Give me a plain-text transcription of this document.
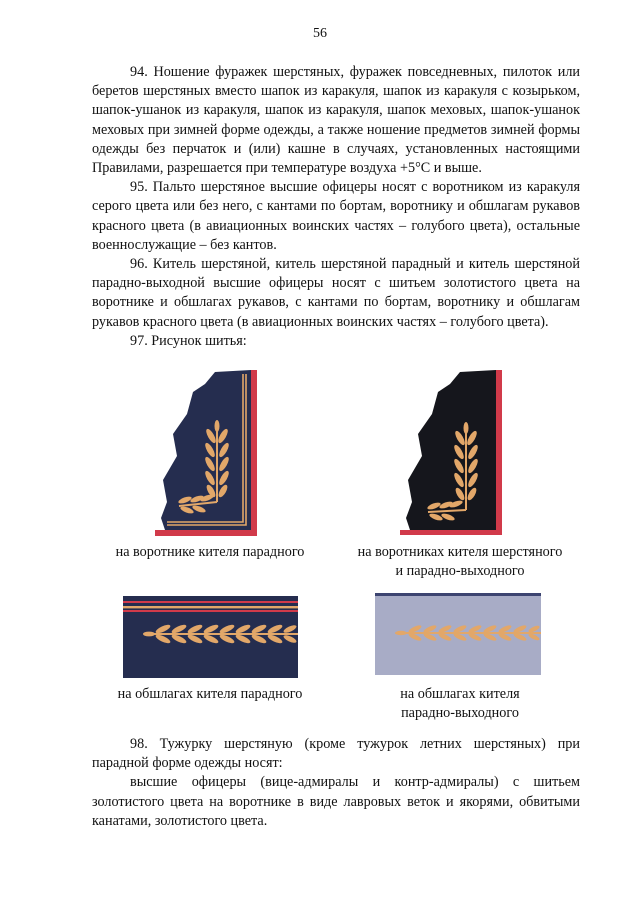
56

94. Ношение фуражек шерстяных, фуражек повседневных, пилоток или беретов шерстяных вместо шапок из каракуля, шапок из каракуля с козырьком, шапок-ушанок из каракуля, шапок из каракуля, шапок меховых, шапок-ушанок меховых при зимней форме одежды, а также ношение предметов зимней формы одежды без перчаток и (или) кашне в случаях, установленных настоящими Правилами, разрешается при температуре воздуха +5°C и выше.

95. Пальто шерстяное высшие офицеры носят с воротником из каракуля серого цвета или без него, с кантами по бортам, воротнику и обшлагам рукавов красного цвета (в авиационных воинских частях – голубого цвета), остальные военнослужащие – без кантов.

96. Китель шерстяной, китель шерстяной парадный и китель шерстяной парадно-выходной высшие офицеры носят с шитьем золотистого цвета на воротнике и обшлагах рукавов, с кантами по бортам, воротнику и обшлагам рукавов красного цвета (в авиационных воинских частях – голубого цвета).

97. Рисунок шитья:

на воротнике кителя парадного	на воротниках кителя шерстяного
и парадно-выходного
на обшлагах кителя парадного	на обшлагах кителя
парадно-выходного

98. Тужурку шерстяную (кроме тужурок летних шерстяных) при парадной форме одежды носят:

высшие офицеры (вице-адмиралы и контр-адмиралы) с шитьем золотистого цвета на воротнике в виде лавровых веток и якорями, обвитыми канатами, золотистого цвета.
